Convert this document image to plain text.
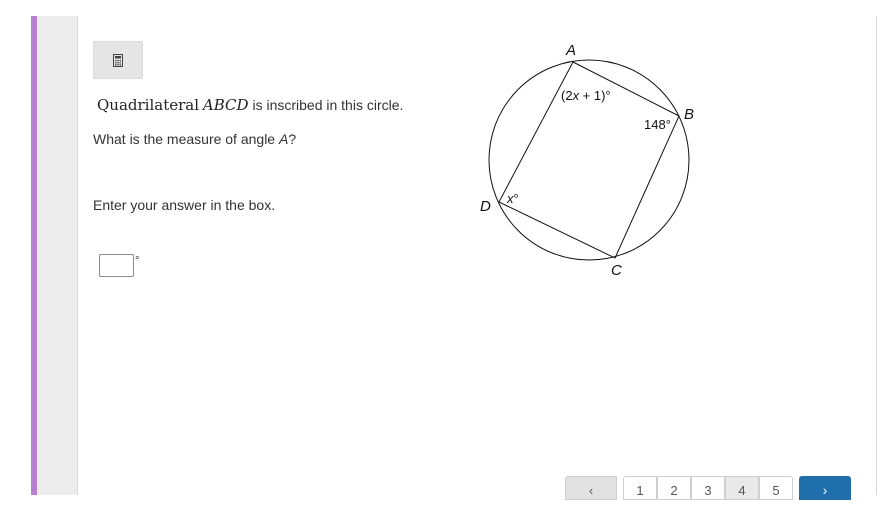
Quadrilateral ABCD is inscribed in this circle.
What is the measure of angle A?
Enter your answer in the box.
°
A
B
C
D
(2x + 1)°
148°
x°
‹	1	2	3	4	5	›
